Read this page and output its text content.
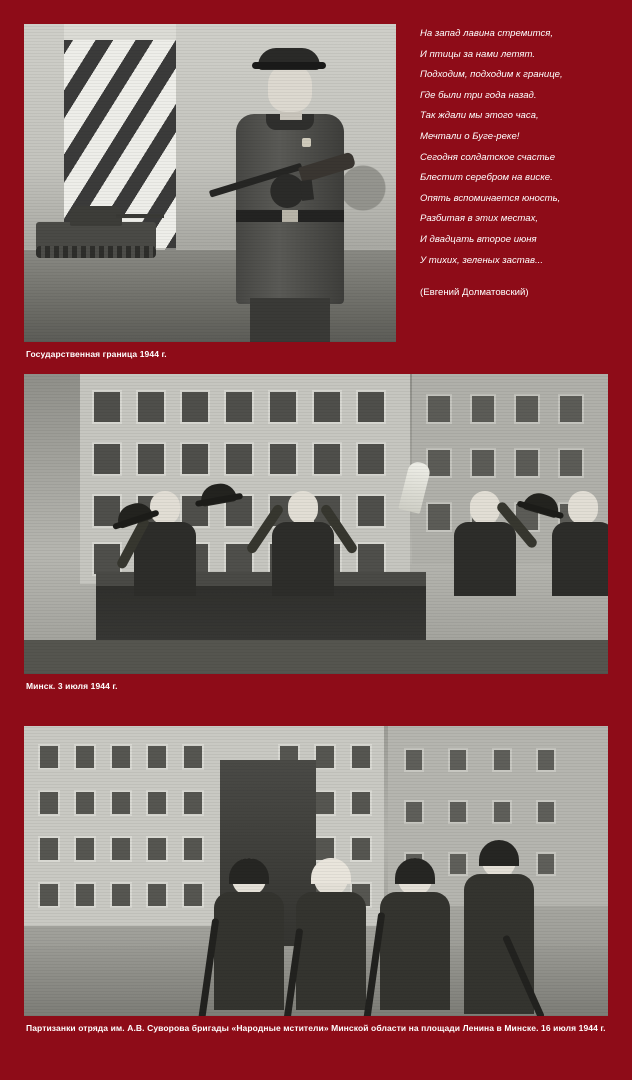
На запад лавина стремится,
И птицы за нами летят.
Подходим, подходим к границе,
Где были три года назад.
Так ждали мы этого часа,
Мечтали о Буге-реке!
Сегодня солдатское счастье
Блестит серебром на виске.
Опять вспоминается юность,
Разбитая в этих местах,
И двадцать второе июня
У тихих, зеленых застав...
(Евгений Долматовский)
Государственная граница 1944 г.
Минск. 3 июля 1944 г.
Партизанки отряда им. А.В. Суворова бригады «Народные мстители» Минской области на площади Ленина в Минске. 16 июля 1944 г.
